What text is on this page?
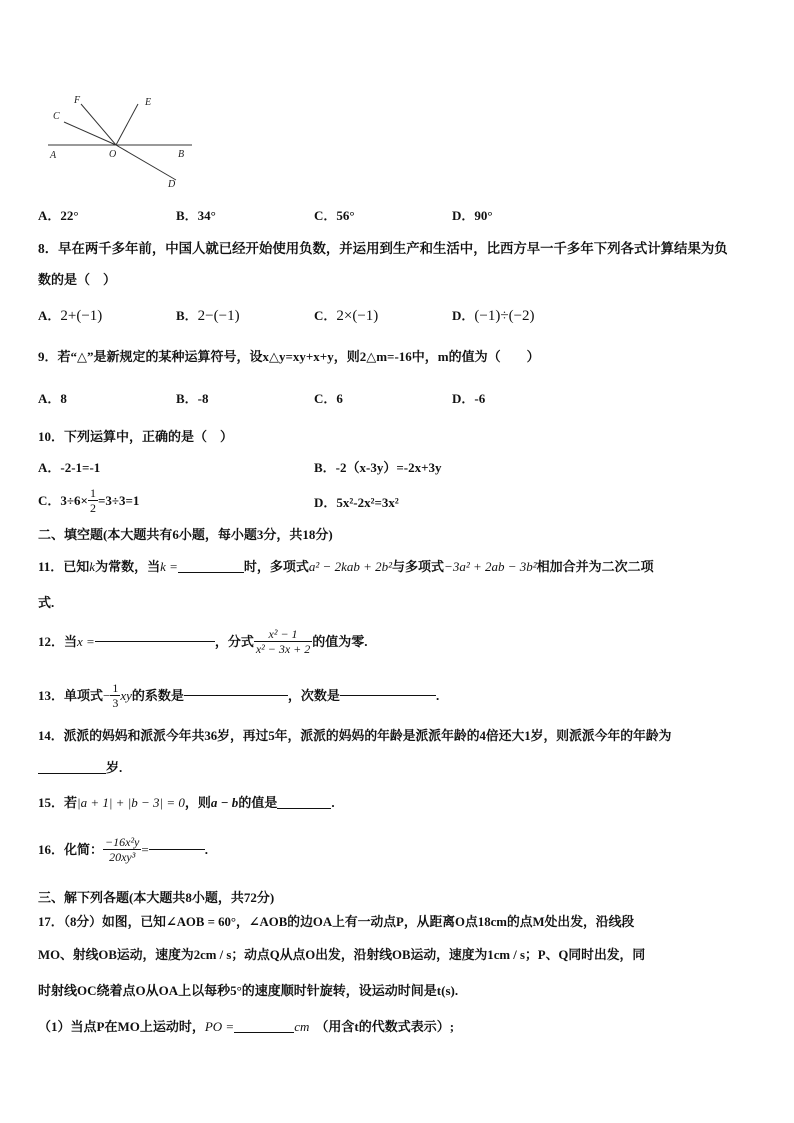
A	B
C
D
E
F
O
A．22°	B．34°	C．56°	D．90°
8．早在两千多年前，中国人就已经开始使用负数，并运用到生产和生活中，比西方早一千多年下列各式计算结果为负
数的是（　）
A．2+(−1)	B．2−(−1)	C．2×(−1)	D．(−1)÷(−2)
9．若“△”是新规定的某种运算符号，设x△y=xy+x+y，则2△m=-16中，m的值为（　　）
A．8	B．-8	C．6	D．-6
10．下列运算中，正确的是（　）
A．-2-1=-1	B．-2（x-3y）=-2x+3y
C．$3\div 6\times \frac{1}{2} =3\div 3=1$	D．5x²-2x²=3x²
二、填空题(本大题共有6小题，每小题3分，共18分)
11．已知k为常数，当k =	时，多项式a² − 2kab + 2b²与多项式−3a² + 2ab − 3b²相加合并为二次二项
式.
12．当x =	，分式 $\frac{\text{x² − 1}}{\text{x² − 3x + 2}}$ 的值为零.
13．单项式− $\frac{1}{3}$ xy的系数是	，次数是	.
14．派派的妈妈和派派今年共36岁，再过5年，派派的妈妈的年龄是派派年龄的4倍还大1岁，则派派今年的年龄为
岁.
15．若|a + 1| + |b − 3| = 0，则a − b的值是	.
16．化简： $\frac{\text{−16x²y}}{\text{20xy³}}$ =	.
三、解下列各题(本大题共8小题，共72分)
17．（8分）如图，已知∠AOB = 60°，∠AOB的边OA上有一动点P，从距离O点18cm的点M处出发，沿线段
MO、射线OB运动，速度为2cm / s；动点Q从点O出发，沿射线OB运动，速度为1cm / s；P、Q同时出发，同
时射线OC绕着点O从OA上以每秒5°的速度顺时针旋转，设运动时间是t(s).
（1）当点P在MO上运动时，PO =	cm （用含t的代数式表示）;
